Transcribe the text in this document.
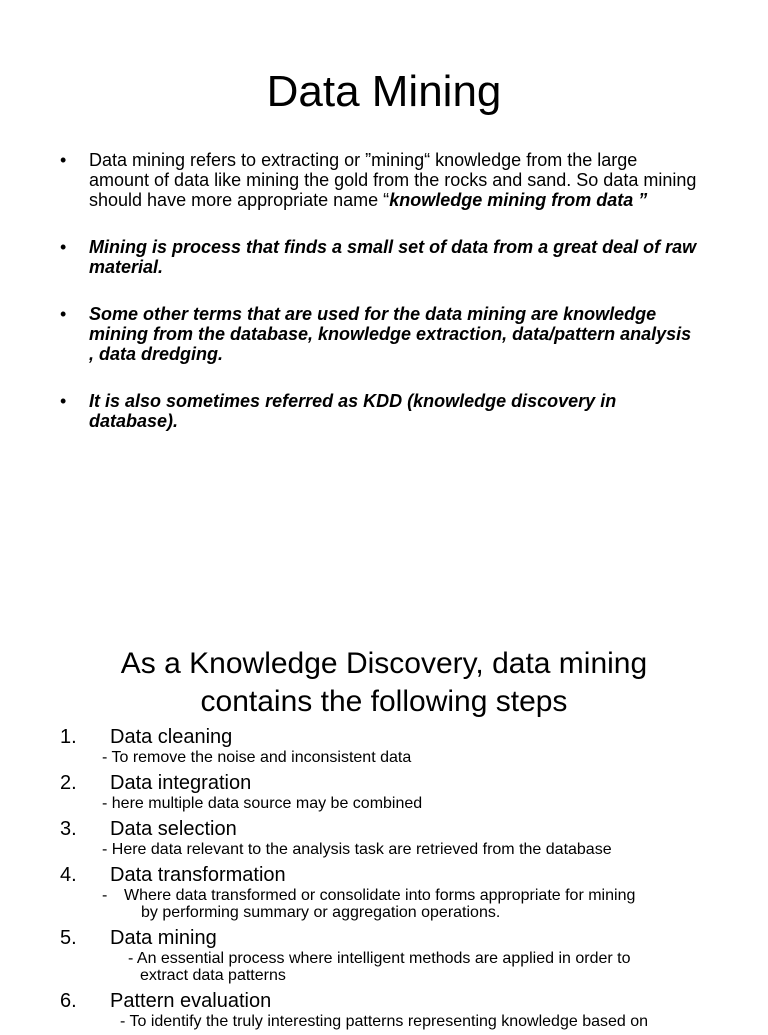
Data Mining
• Data mining refers to extracting or ”mining“ knowledge from the large amount of data like mining the gold from the rocks and sand. So data mining should have more appropriate name “knowledge mining from data ”
• Mining is process that finds a small set of data from a great deal of raw material.
• Some other terms that are used for the data mining are knowledge mining from the database, knowledge extraction, data/pattern analysis , data dredging.
• It is also sometimes referred as KDD (knowledge discovery in database).
As a Knowledge Discovery, data mining
contains the following steps
1. Data cleaning
- To remove the noise and inconsistent data
2. Data integration
- here multiple data source may be combined
3. Data selection
- Here data relevant to the analysis task are retrieved from the database
4. Data transformation
- Where data transformed or consolidate into forms appropriate for mining
by performing summary or aggregation operations.
5. Data mining
- An essential process where intelligent methods are applied in order to
extract data patterns
6. Pattern evaluation
- To identify the truly interesting patterns representing knowledge based on
